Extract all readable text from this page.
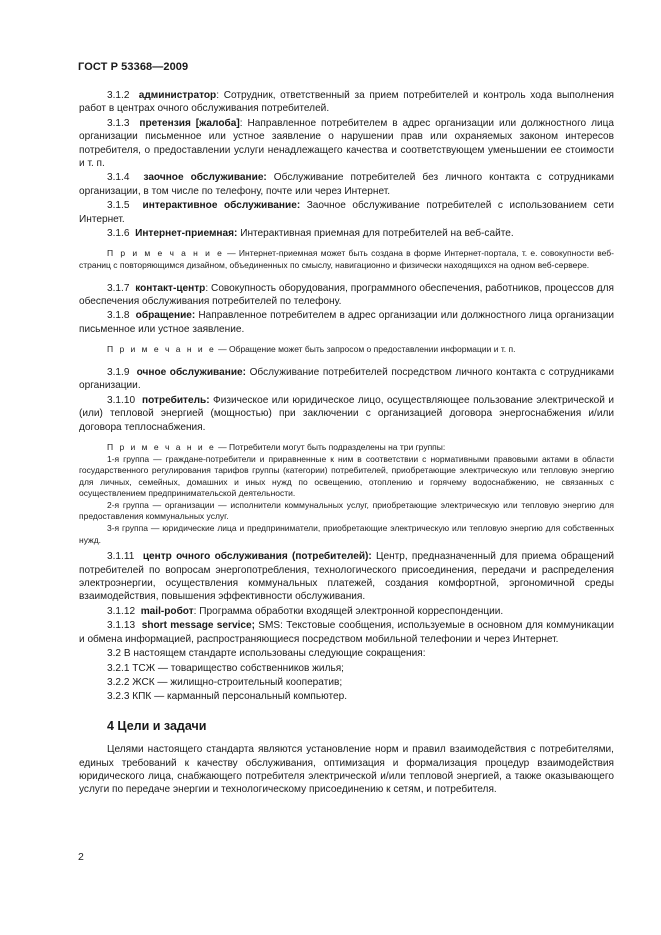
ГОСТ Р 53368—2009

3.1.2 администратор: Сотрудник, ответственный за прием потребителей и контроль хода выполнения работ в центрах очного обслуживания потребителей.

3.1.3 претензия [жалоба]: Направленное потребителем в адрес организации или должностного лица организации письменное или устное заявление о нарушении прав или охраняемых законом интересов потребителя, о предоставлении услуги ненадлежащего качества и соответствующем уменьшении ее стоимости и т. п.

3.1.4 заочное обслуживание: Обслуживание потребителей без личного контакта с сотрудниками организации, в том числе по телефону, почте или через Интернет.

3.1.5 интерактивное обслуживание: Заочное обслуживание потребителей с использованием сети Интернет.

3.1.6 Интернет-приемная: Интерактивная приемная для потребителей на веб-сайте.

П р и м е ч а н и е — Интернет-приемная может быть создана в форме Интернет-портала, т. е. совокупности веб-страниц с повторяющимся дизайном, объединенных по смыслу, навигационно и физически находящихся на одном веб-сервере.

3.1.7 контакт-центр: Совокупность оборудования, программного обеспечения, работников, процессов для обеспечения обслуживания потребителей по телефону.

3.1.8 обращение: Направленное потребителем в адрес организации или должностного лица организации письменное или устное заявление.

П р и м е ч а н и е — Обращение может быть запросом о предоставлении информации и т. п.

3.1.9 очное обслуживание: Обслуживание потребителей посредством личного контакта с сотрудниками организации.

3.1.10 потребитель: Физическое или юридическое лицо, осуществляющее пользование электрической и (или) тепловой энергией (мощностью) при заключении с организацией договора энергоснабжения и/или договора теплоснабжения.

П р и м е ч а н и е — Потребители могут быть подразделены на три группы:
1-я группа — граждане-потребители и приравненные к ним в соответствии с нормативными правовыми актами в области государственного регулирования тарифов группы (категории) потребителей, приобретающие электрическую или тепловую энергию для личных, семейных, домашних и иных нужд по освещению, отоплению и горячему водоснабжению, не связанных с осуществлением предпринимательской деятельности.
2-я группа — организации — исполнители коммунальных услуг, приобретающие электрическую или тепловую энергию для предоставления коммунальных услуг.
3-я группа — юридические лица и предприниматели, приобретающие электрическую или тепловую энергию для собственных нужд.

3.1.11 центр очного обслуживания (потребителей): Центр, предназначенный для приема обращений потребителей по вопросам энергопотребления, технологического присоединения, передачи и распределения электроэнергии, осуществления коммунальных платежей, создания комфортной, эргономичной среды взаимодействия, повышения эффективности обслуживания.

3.1.12 mail-робот: Программа обработки входящей электронной корреспонденции.

3.1.13 short message service; SMS: Текстовые сообщения, используемые в основном для коммуникации и обмена информацией, распространяющиеся посредством мобильной телефонии и через Интернет.

3.2 В настоящем стандарте использованы следующие сокращения:

3.2.1 ТСЖ — товарищество собственников жилья;

3.2.2 ЖСК — жилищно-строительный кооператив;

3.2.3 КПК — карманный персональный компьютер.

4 Цели и задачи

Целями настоящего стандарта являются установление норм и правил взаимодействия с потребителями, единых требований к качеству обслуживания, оптимизация и формализация процедур взаимодействия юридического лица, снабжающего потребителя электрической и/или тепловой энергией, а также оказывающего услуги по передаче энергии и технологическому присоединению к сетям, и потребителя.

2
